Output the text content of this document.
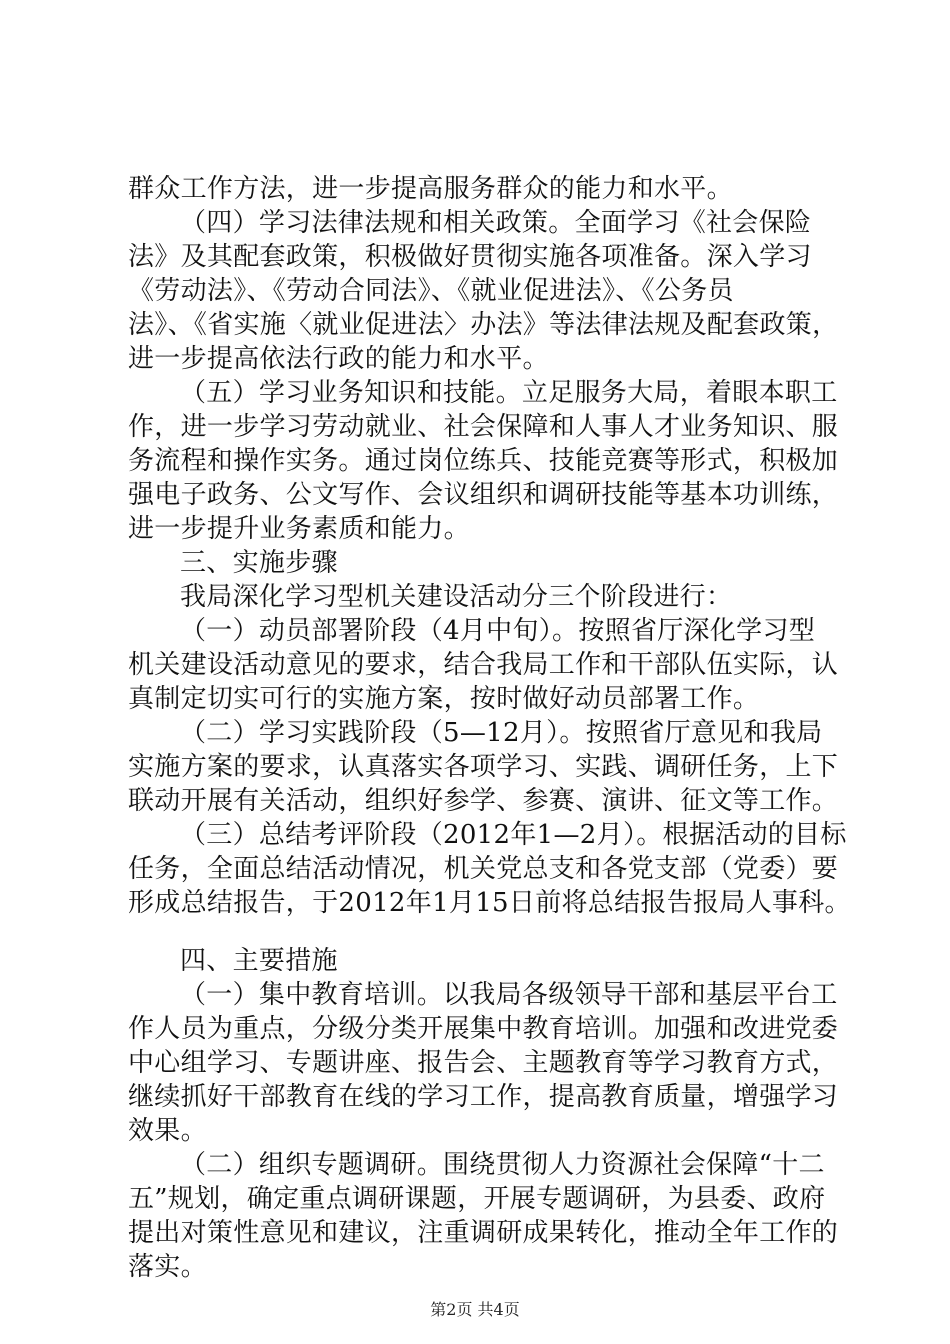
群众工作方法，进一步提高服务群众的能力和水平。
（四）学习法律法规和相关政策。全面学习《社会保险
法》及其配套政策，积极做好贯彻实施各项准备。深入学习
《劳动法》、《劳动合同法》、《就业促进法》、《公务员
法》、《省实施〈就业促进法〉办法》等法律法规及配套政策，
进一步提高依法行政的能力和水平。
（五）学习业务知识和技能。立足服务大局，着眼本职工
作，进一步学习劳动就业、社会保障和人事人才业务知识、服
务流程和操作实务。通过岗位练兵、技能竞赛等形式，积极加
强电子政务、公文写作、会议组织和调研技能等基本功训练，
进一步提升业务素质和能力。
三、实施步骤
我局深化学习型机关建设活动分三个阶段进行：
（一）动员部署阶段（4月中旬）。按照省厅深化学习型
机关建设活动意见的要求，结合我局工作和干部队伍实际，认
真制定切实可行的实施方案，按时做好动员部署工作。
（二）学习实践阶段（5—12月）。按照省厅意见和我局
实施方案的要求，认真落实各项学习、实践、调研任务，上下
联动开展有关活动，组织好参学、参赛、演讲、征文等工作。
（三）总结考评阶段（2012年1—2月）。根据活动的目标
任务，全面总结活动情况，机关党总支和各党支部（党委）要
形成总结报告，于2012年1月15日前将总结报告报局人事科。
四、主要措施
（一）集中教育培训。以我局各级领导干部和基层平台工
作人员为重点，分级分类开展集中教育培训。加强和改进党委
中心组学习、专题讲座、报告会、主题教育等学习教育方式，
继续抓好干部教育在线的学习工作，提高教育质量，增强学习
效果。
（二）组织专题调研。围绕贯彻人力资源社会保障“十二
五”规划，确定重点调研课题，开展专题调研，为县委、政府
提出对策性意见和建议，注重调研成果转化，推动全年工作的
落实。
第2页 共4页
